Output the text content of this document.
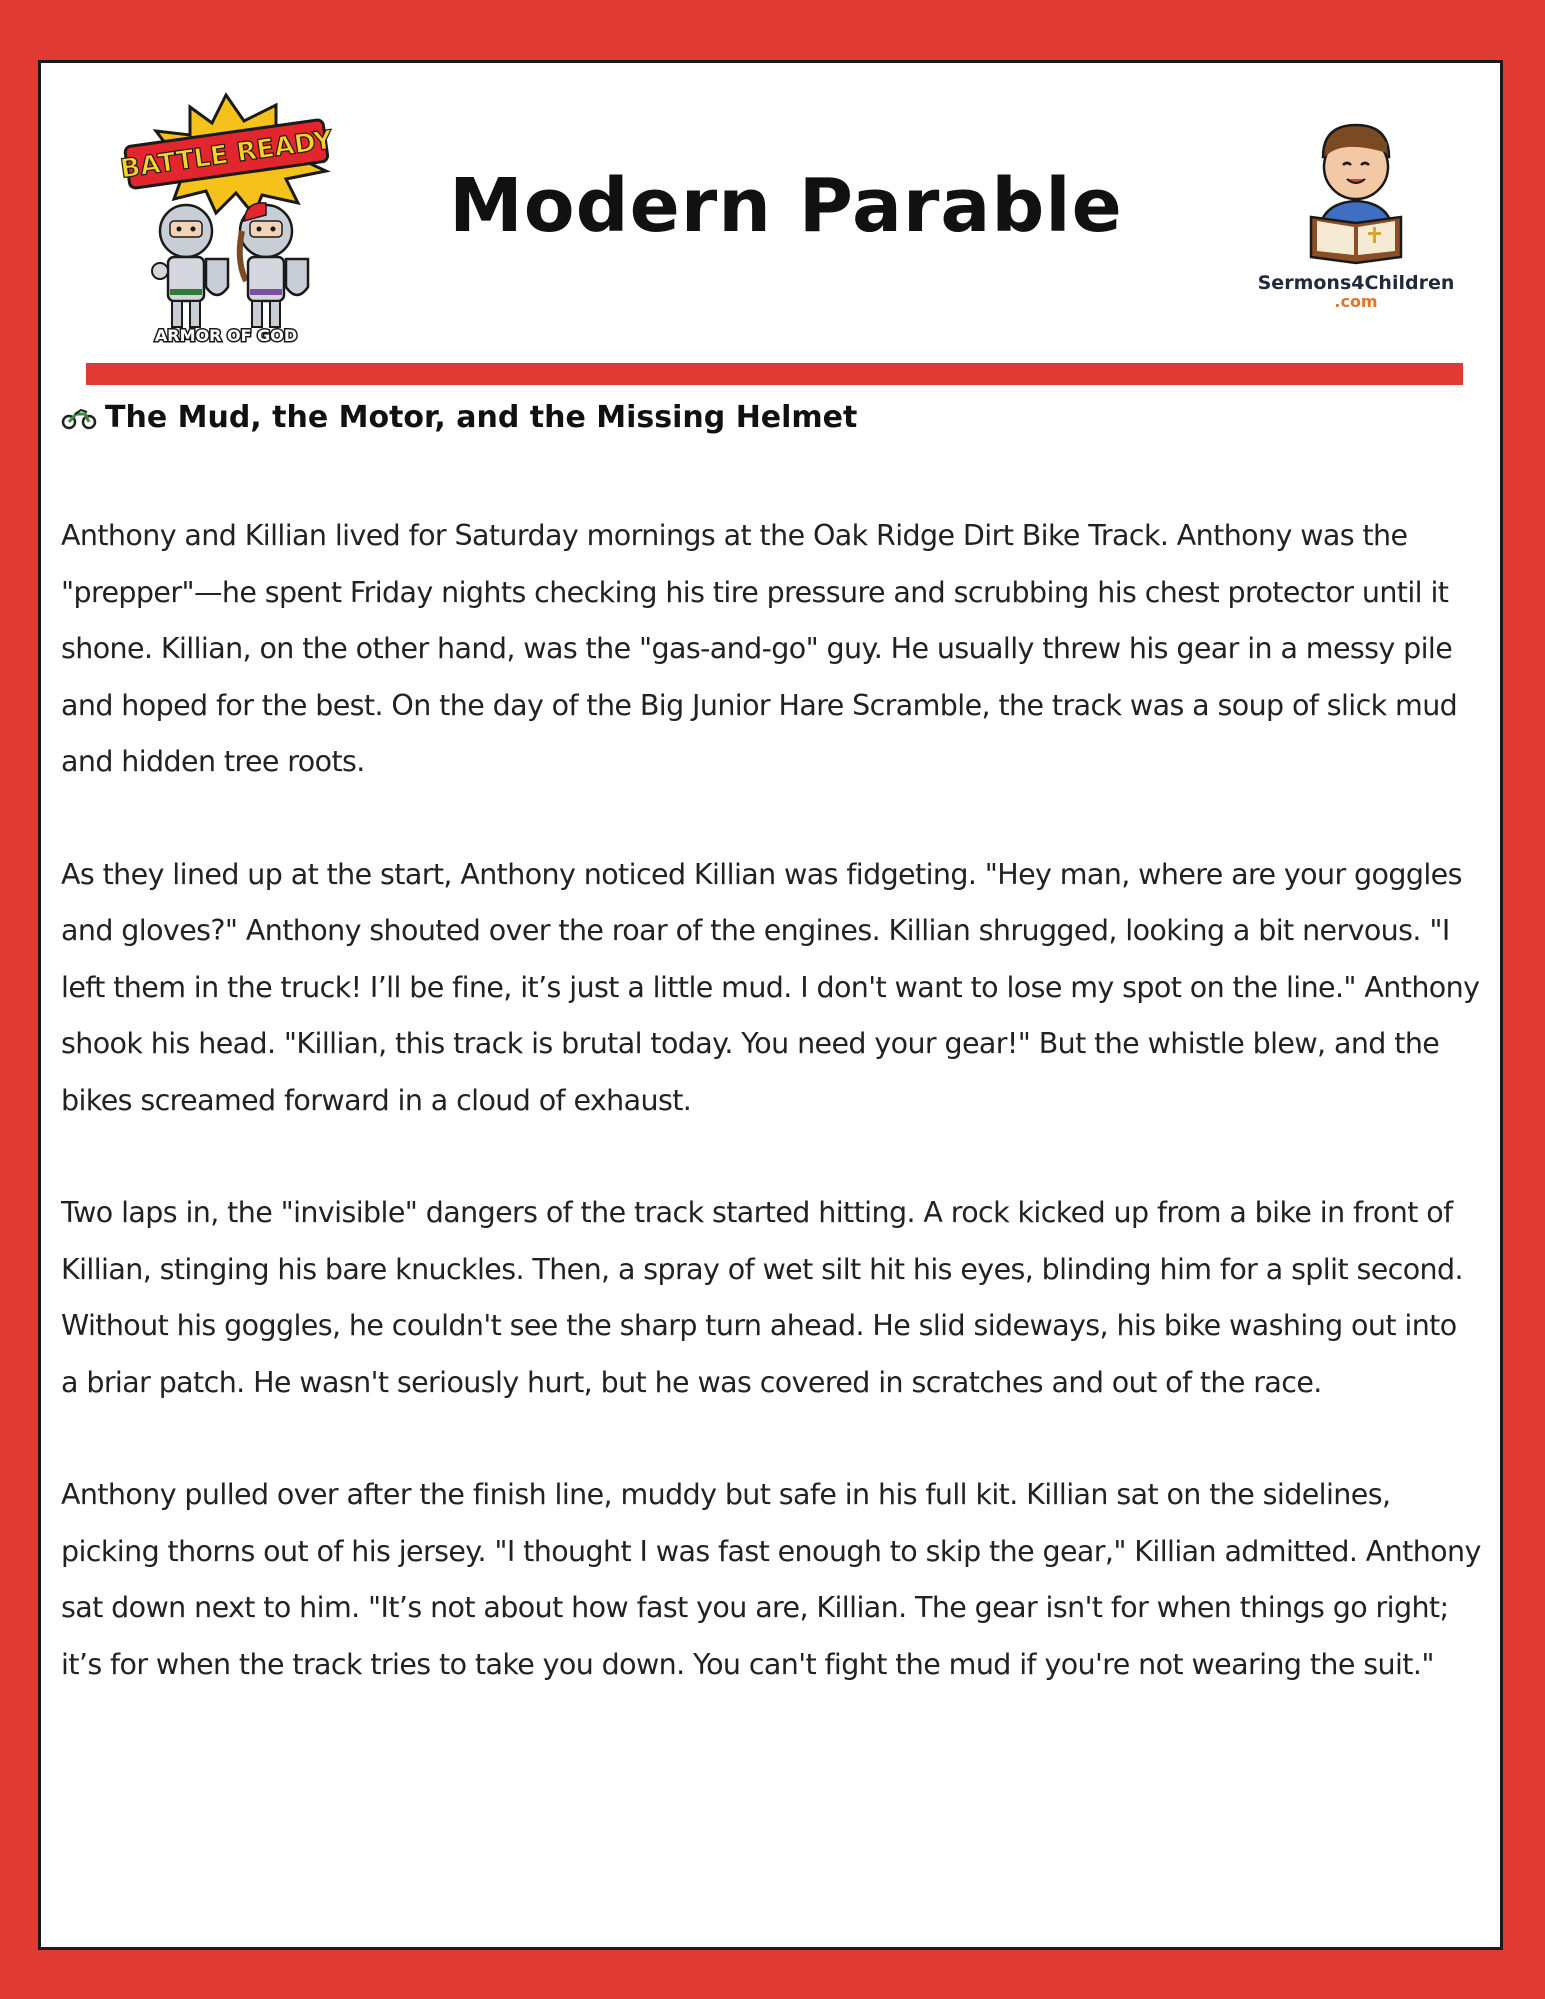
BATTLE READY
ARMOR OF GOD
Modern Parable
Sermons4Children
.com
The Mud, the Motor, and the Missing Helmet

Anthony and Killian lived for Saturday mornings at the Oak Ridge Dirt Bike Track. Anthony was the "prepper"—he spent Friday nights checking his tire pressure and scrubbing his chest protector until it shone. Killian, on the other hand, was the "gas-and-go" guy. He usually threw his gear in a messy pile and hoped for the best. On the day of the Big Junior Hare Scramble, the track was a soup of slick mud and hidden tree roots.

As they lined up at the start, Anthony noticed Killian was fidgeting. "Hey man, where are your goggles and gloves?" Anthony shouted over the roar of the engines. Killian shrugged, looking a bit nervous. "I left them in the truck! I’ll be fine, it’s just a little mud. I don't want to lose my spot on the line." Anthony shook his head. "Killian, this track is brutal today. You need your gear!" But the whistle blew, and the bikes screamed forward in a cloud of exhaust.

Two laps in, the "invisible" dangers of the track started hitting. A rock kicked up from a bike in front of Killian, stinging his bare knuckles. Then, a spray of wet silt hit his eyes, blinding him for a split second. Without his goggles, he couldn't see the sharp turn ahead. He slid sideways, his bike washing out into a briar patch. He wasn't seriously hurt, but he was covered in scratches and out of the race.

Anthony pulled over after the finish line, muddy but safe in his full kit. Killian sat on the sidelines, picking thorns out of his jersey. "I thought I was fast enough to skip the gear," Killian admitted. Anthony sat down next to him. "It’s not about how fast you are, Killian. The gear isn't for when things go right; it’s for when the track tries to take you down. You can't fight the mud if you're not wearing the suit."
